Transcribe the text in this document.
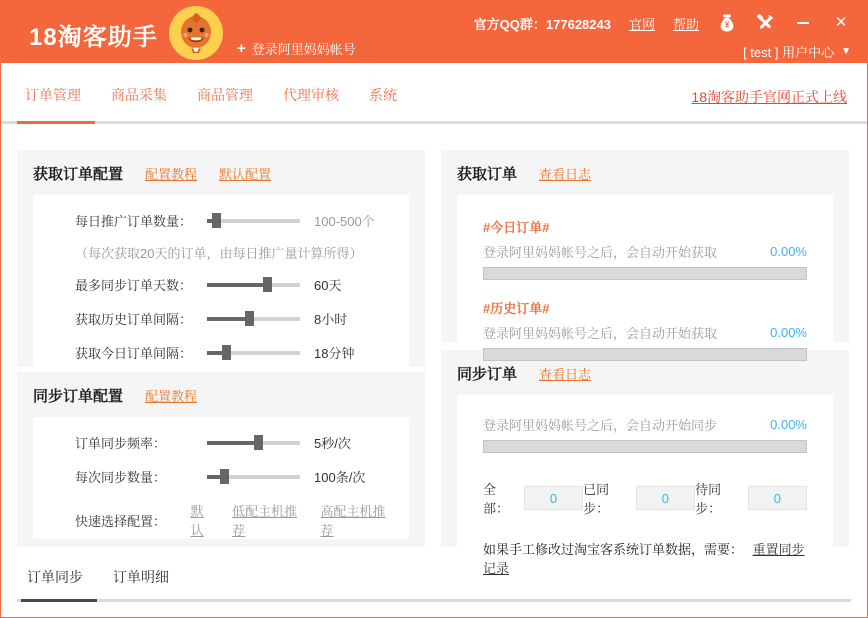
18淘客助手	+ 登录阿里妈妈帐号
官方QQ群：177628243 官网 帮助	¥	×
[ test ] 用户中心 ▼
订单管理 商品采集 商品管理 代理审核 系统	18淘客助手官网正式上线
获取订单配置 配置教程 默认配置
每日推广订单数量：	100-500个
（每次获取20天的订单，由每日推广量计算所得）
最多同步订单天数：	60天
获取历史订单间隔：	8小时
获取今日订单间隔：	18分钟
同步订单配置 配置教程
订单同步频率：	5秒/次
每次同步数量：	100条/次
快速选择配置：
默认
低配主机推荐
高配主机推荐
获取订单 查看日志
#今日订单#
登录阿里妈妈帐号之后，会自动开始获取	0.00%
#历史订单#
登录阿里妈妈帐号之后，会自动开始获取	0.00%
同步订单 查看日志
登录阿里妈妈帐号之后，会自动开始同步	0.00%
全部：
0
已同步：
0
待同步：
0
如果手工修改过淘宝客系统订单数据，需要： 重置同步记录
订单同步	订单明细
